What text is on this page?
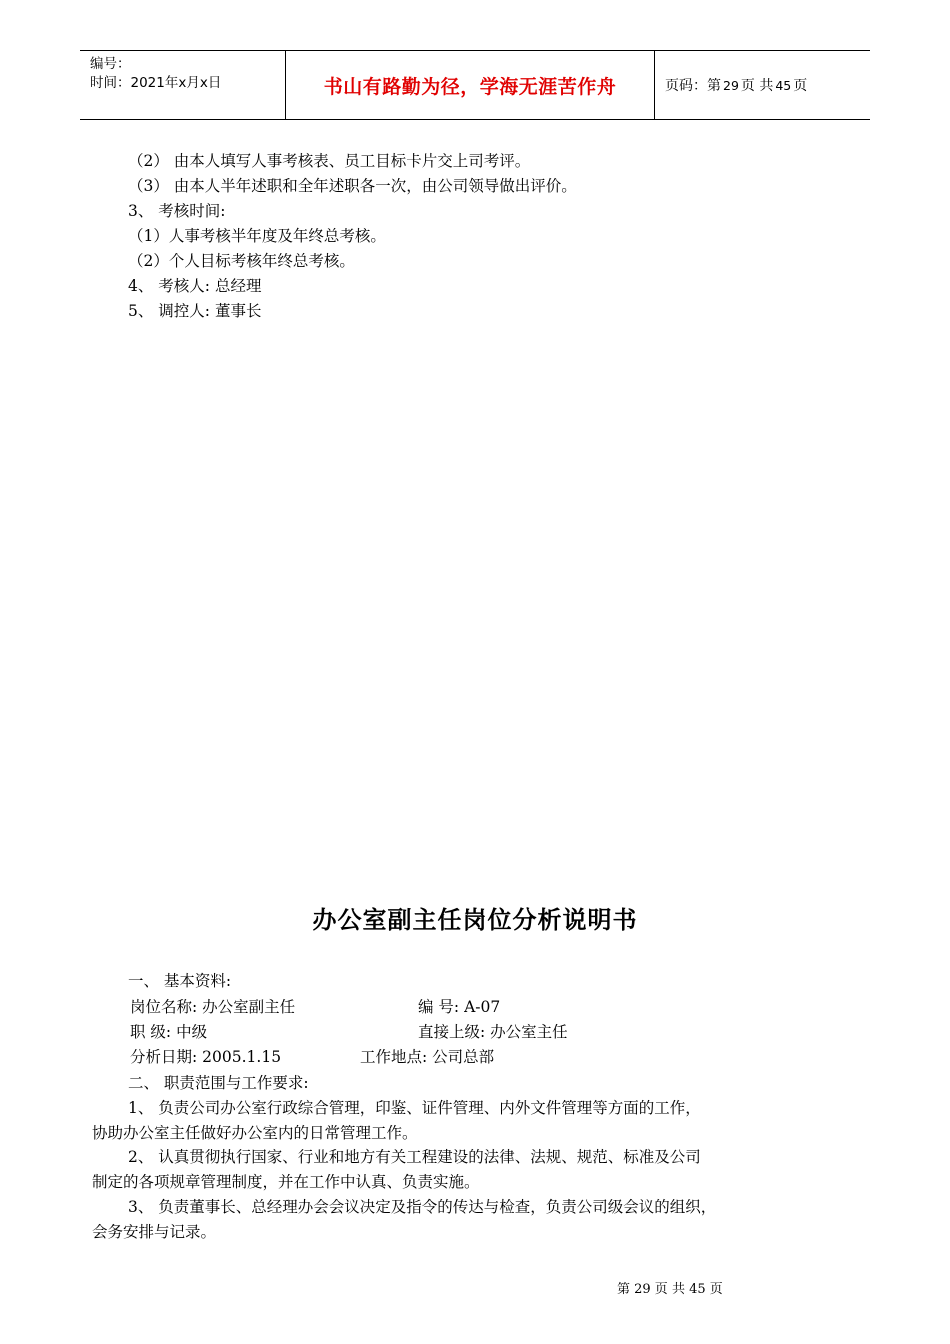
编号：
时间：2021年x月x日	书山有路勤为径，学海无涯苦作舟	页码：第 29 页 共 45 页
（2） 由本人填写人事考核表、员工目标卡片交上司考评。
（3） 由本人半年述职和全年述职各一次，由公司领导做出评价。
3、 考核时间:
（1）人事考核半年度及年终总考核。
（2）个人目标考核年终总考核。
4、 考核人: 总经理
5、 调控人: 董事长
办公室副主任岗位分析说明书
一、 基本资料:
岗位名称: 办公室副主任	编 号: A-07
职 级: 中级	直接上级: 办公室主任
分析日期: 2005.1.15	工作地点: 公司总部
二、 职责范围与工作要求:
1、 负责公司办公室行政综合管理，印鉴、证件管理、内外文件管理等方面的工作，
协助办公室主任做好办公室内的日常管理工作。
2、 认真贯彻执行国家、行业和地方有关工程建设的法律、法规、规范、标准及公司
制定的各项规章管理制度，并在工作中认真、负责实施。
3、 负责董事长、总经理办会会议决定及指令的传达与检查，负责公司级会议的组织，
会务安排与记录。
第 29 页 共 45 页
